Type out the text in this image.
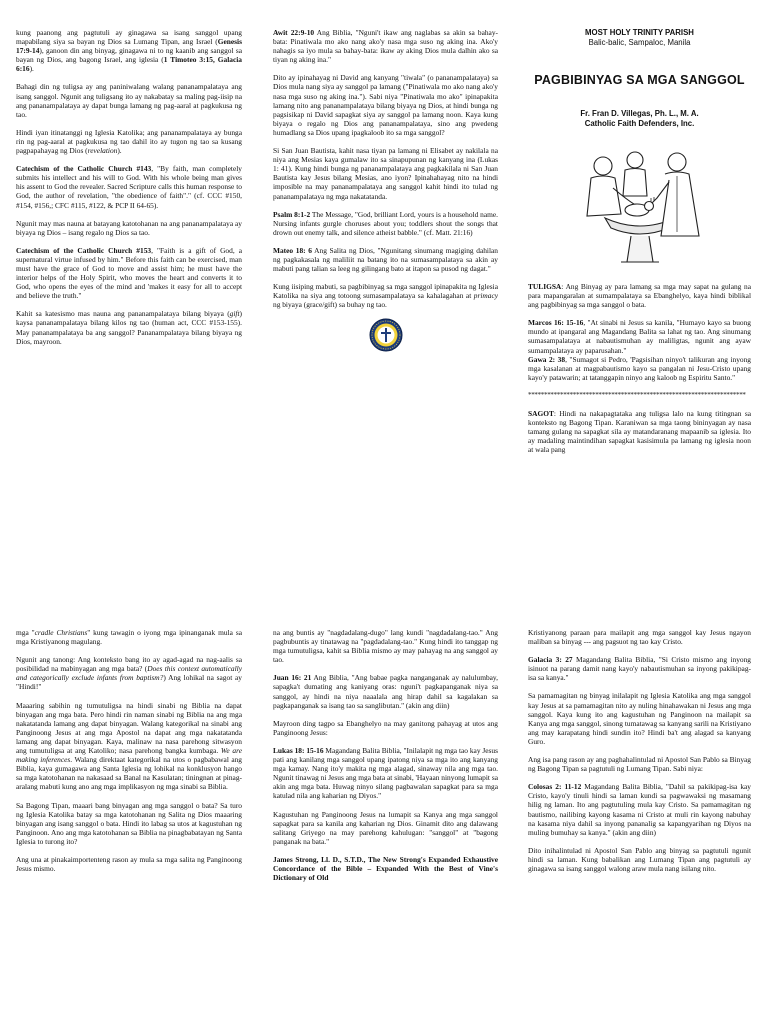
kung paanong ang pagtutuli ay ginagawa sa isang sanggol upang mapabilang siya sa bayan ng Dios sa Lumang Tipan, ang Israel (Genesis 17:9-14), ganoon din ang binyag, ginagawa ni to ng kaanib ang sanggol sa bayan ng Dios, ang bagong Israel, ang iglesia (1 Timoteo 3:15, Galacia 6:16).

Bahagi din ng tuligsa ay ang paniniwalang walang pananampalataya ang isang sanggol. Ngunit ang tuligsang ito ay nakabatay sa maling pag-iisip na ang pananampalataya ay dapat bunga lamang ng pag-aaral at pagkukusa ng tao.

Hindi iyan itinatanggi ng Iglesia Katolika; ang pananampalataya ay bunga rin ng pag-aaral at pagkukusa ng tao dahil ito ay tugon ng tao sa kusang pagpapahayag ng Dios (revelation).

Catechism of the Catholic Church #143, "By faith, man completely submits his intellect and his will to God. With his whole being man gives his assent to God the revealer. Sacred Scripture calls this human response to God, the author of revelation, "the obedience of faith"." (cf. CCC #150, #154, #156,; CFC #115, #122, & PCP II 64-65).

Ngunit may mas nauna at batayang katotohanan na ang pananampalataya ay biyaya ng Dios – isang regalo ng Dios sa tao.

Catechism of the Catholic Church #153, "Faith is a gift of God, a supernatural virtue infused by him." Before this faith can be exercised, man must have the grace of God to move and assist him; he must have the interior helps of the Holy Spirit, who moves the heart and converts it to God, who opens the eyes of the mind and 'makes it easy for all to accept and believe the truth."

Kahit sa katesismo mas nauna ang pananampalataya bilang biyaya (gift) kaysa pananampalataya bilang kilos ng tao (human act, CCC #153-155). May pananampalataya ba ang sanggol? Pananampalataya bilang biyaya ng Dios, mayroon.

Awit 22:9-10 Ang Biblia, "Nguni't ikaw ang naglabas sa akin sa bahay-bata: Pinatiwala mo ako nang ako'y nasa mga suso ng aking ina. Ako'y nahagis sa iyo mula sa bahay-bata: ikaw ay aking Dios mula dalhin ako sa tiyan ng aking ina."

Dito ay ipinahayag ni David ang kanyang "tiwala" (o pananampalataya) sa Dios mula nang siya ay sanggol pa lamang ("Pinatiwala mo ako nang ako'y nasa mga suso ng aking ina."). Sabi niya "Pinatiwala mo ako" ipinapakita lamang nito ang pananampalataya bilang biyaya ng Dios, at hindi bunga ng pagsisikap ni David sapagkat siya ay sanggol pa lamang noon. Kaya kung biyaya o regalo ng Dios ang pananampalataya, sino ang pwedeng humadlang sa Dios upang ipagkaloob ito sa mga sanggol?

Si San Juan Bautista, kahit nasa tiyan pa lamang ni Elisabet ay nakilala na niya ang Mesias kaya gumalaw ito sa sinapupunan ng kanyang ina (Lukas 1: 41). Kung hindi bunga ng pananampalataya ang pagkakilala ni San Juan Bautista kay Jesus bilang Mesias, ano iyon? Ipinahahayag nito na hindi imposible na may pananampalataya ang sanggol kahit hindi ito tulad ng pananampalataya ng mga nakatatanda.

Psalm 8:1-2 The Message, "God, brilliant Lord, yours is a household name. Nursing infants gurgle choruses about you; toddlers shout the songs that drown out enemy talk, and silence atheist babble." (cf. Matt. 21:16)

Mateo 18: 6 Ang Salita ng Dios, "Ngunitang sinumang magiging dahilan ng pagkakasala ng maliliit na batang ito na sumasampalataya sa akin ay mabuti pang talian sa leeg ng gilingang bato at itapon sa pusod ng dagat."

Kung iisiping mabuti, sa pagbibinyag sa mga sanggol ipinapakita ng Iglesia Katolika na siya ang totoong sumasampalataya sa kahalagahan at primacy ng biyaya (grace/gift) sa buhay ng tao.

MOST HOLY TRINITY PARISH
Balic-balic, Sampaloc, Manila
PAGBIBINYAG SA MGA SANGGOL
Fr. Fran D. Villegas, Ph. L., M. A.
Catholic Faith Defenders, Inc.

TULIGSA: Ang Binyag ay para lamang sa mga may sapat na gulang na para mapangaralan at sumampalataya sa Ebanghelyo, kaya hindi biblikal ang pagbibinyag sa mga sanggol o bata.

Marcos 16: 15-16, "At sinabi ni Jesus sa kanila, "Humayo kayo sa buong mundo at ipangaral ang Magandang Balita sa lahat ng tao. Ang sinumang sumasampalataya at nabautismuhan ay maliligtas, ngunit ang ayaw sumampalataya ay paparusahan."
Gawa 2: 38, "Sumagot si Pedro, 'Pagsisihan ninyo't talikuran ang inyong mga kasalanan at magpabautismo kayo sa pangalan ni Jesu-Cristo upang kayo'y patawarin; at tatanggapin ninyo ang kaloob ng Espiritu Santo."

********************************************************************

SAGOT: Hindi na nakapagtataka ang tuligsa lalo na kung titingnan sa konteksto ng Bagong Tipan. Karaniwan sa mga taong bininyagan ay nasa tamang gulang na sapagkat sila ay matandaranang mapaanib sa iglesia. Ito ay madaling maintindihan sapagkat kasisimula pa lamang ng iglesia noon at wala pang

mga "cradle Christians" kung tawagin o iyong mga ipinanganak mula sa mga Kristiyanong magulang.

Ngunit ang tanong: Ang konteksto bang ito ay agad-agad na nag-aalis sa posibilidad na mabinyagan ang mga bata? (Does this context automatically and categorically exclude infants from baptism?) Ang lohikal na sagot ay "Hindi!"

Maaaring sabihin ng tumutuligsa na hindi sinabi ng Biblia na dapat binyagan ang mga bata. Pero hindi rin naman sinabi ng Biblia na ang mga nakatatanda lamang ang dapat binyagan. Walang kategorikal na sinabi ang Panginoong Jesus at ang mga Apostol na dapat ang mga nakatatanda lamang ang dapat binyagan. Kaya, malinaw na nasa parehong sitwasyon ang tumutuligsa at ang Katoliko; nasa parehong bangka kumbaga. We are making inferences. Walang direktaat kategorikal na utos o pagbabawal ang Biblia, kaya gumagawa ang Santa Iglesia ng lohikal na konklusyon hango sa mga katotohanan na nakasaad sa Banal na Kasulatan; tiningnan at pinag-aralang mabuti kung ano ang mga implikasyon ng mga sinabi sa Biblia.

Sa Bagong Tipan, maaari bang binyagan ang mga sanggol o bata? Sa turo ng Iglesia Katolika batay sa mga katotohanan ng Salita ng Dios maaaring binyagan ang isang sanggol o bata. Hindi ito labag sa utos at kagustuhan ng Panginoon. Ano ang mga katotohanan sa Biblia na pinagbabatayan ng Santa Iglesia to turong ito?

Ang una at pinakaimportenteng rason ay mula sa mga salita ng Panginoong Jesus mismo.

na ang buntis ay "nagdadalang-dugo" lang kundi "nagdadalang-tao." Ang pagbubuntis ay tinatawag na "pagdadalang-tao." Kung hindi ito tanggap ng mga tumutuligsa, kahit sa Biblia mismo ay may pahayag na ang sanggol ay tao.

Juan 16: 21 Ang Biblia, "Ang babae pagka nanganganak ay nalulumbay, sapagka't dumating ang kaniyang oras: nguni't pagkapanganak niya sa sanggol, ay hindi na niya naaalala ang hirap dahil sa kagalakan sa pagkapanganak sa isang tao sa sanglibutan." (akin ang diin)

Mayroon ding tagpo sa Ebanghelyo na may ganitong pahayag at utos ang Panginoong Jesus:

Lukas 18: 15-16 Magandang Balita Biblia, "Inilalapit ng mga tao kay Jesus pati ang kanilang mga sanggol upang ipatong niya sa mga ito ang kanyang mga kamay. Nang ito'y makita ng mga alagad, sinaway nila ang mga tao. Ngunit tinawag ni Jesus ang mga bata at sinabi, 'Hayaan ninyong lumapit sa akin ang mga bata. Huwag ninyo silang pagbawalan sapagkat para sa mga katulad nila ang kaharian ng Diyos."

Kagustuhan ng Panginoong Jesus na lumapit sa Kanya ang mga sanggol sapagkat para sa kanila ang kaharian ng Dios. Ginamit dito ang dalawang salitang Griyego na may parehong kahulugan: "sanggol" at "bagong panganak na bata."

James Strong, Ll. D., S.T.D., The New Strong's Expanded Exhaustive Concordance of the Bible – Expanded With the Best of Vine's Dictionary of Old

Kristiyanong paraan para mailapit ang mga sanggol kay Jesus ngayon maliban sa binyag --- ang pagsuot ng tao kay Cristo.

Galacia 3: 27 Magandang Balita Biblia, "Si Cristo mismo ang inyong isinuot na parang damit nang kayo'y nabautismuhan sa inyong pakikipag-isa sa kanya."

Sa pamamagitan ng binyag inilalapit ng Iglesia Katolika ang mga sanggol kay Jesus at sa pamamagitan nito ay nuling hinahawakan ni Jesus ang mga sanggol. Kaya kung ito ang kagustuhan ng Panginoon na mailapit sa Kanya ang mga sanggol, sinong tumatawag sa kanyang sarili na Kristiyano ang may karapatang hindi sundin ito? Hindi ba't ang alagad sa kanyang Guro.

Ang isa pang rason ay ang paghahalintulad ni Apostol San Pablo sa Binyag ng Bagong Tipan sa pagtutuli ng Lumang Tipan. Sabi niya:

Colosas 2: 11-12 Magandang Balita Biblia, "Dahil sa pakikipag-isa kay Cristo, kayo'y tinuli hindi sa laman kundi sa pagwawaksi ng masamang hilig ng laman. Ito ang pagtutuling mula kay Cristo. Sa pamamagitan ng bautismo, nailibing kayong kasama ni Cristo at muli rin kayong nabuhay na kasama niya dahil sa inyong pananalig sa kapangyarihan ng Diyos na muling bumuhay sa kanya." (akin ang diin)

Dito inihalintulad ni Apostol San Pablo ang binyag sa pagtutuli ngunit hindi sa laman. Kung babalikan ang Lumang Tipan ang pagtutuli ay ginagawa sa isang sanggol walong araw mula nang isilang nito.
